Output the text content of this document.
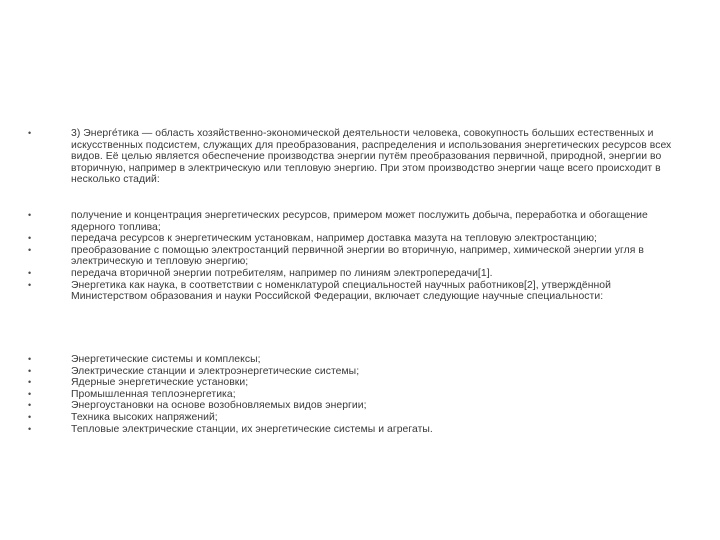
•	3) Энерге́тика — область хозяйственно-экономической деятельности человека, совокупность больших естественных и искусственных подсистем, служащих для преобразования, распределения и использования энергетических ресурсов всех видов. Её целью является обеспечение производства энергии путём преобразования первичной, природной, энергии во вторичную, например в электрическую или тепловую энергию. При этом производство энергии чаще всего происходит в несколько стадий:
•	получение и концентрация энергетических ресурсов, примером может послужить добыча, переработка и обогащение ядерного топлива;
•	передача ресурсов к энергетическим установкам, например доставка мазута на тепловую электростанцию;
•	преобразование с помощью электростанций первичной энергии во вторичную, например, химической энергии угля в электрическую и тепловую энергию;
•	передача вторичной энергии потребителям, например по линиям электропередачи[1].
•	Энергетика как наука, в соответствии с номенклатурой специальностей научных работников[2], утверждённой Министерством образования и науки Российской Федерации, включает следующие научные специальности:
•	Энергетические системы и комплексы;
•	Электрические станции и электроэнергетические системы;
•	Ядерные энергетические установки;
•	Промышленная теплоэнергетика;
•	Энергоустановки на основе возобновляемых видов энергии;
•	Техника высоких напряжений;
•	Тепловые электрические станции, их энергетические системы и агрегаты.
